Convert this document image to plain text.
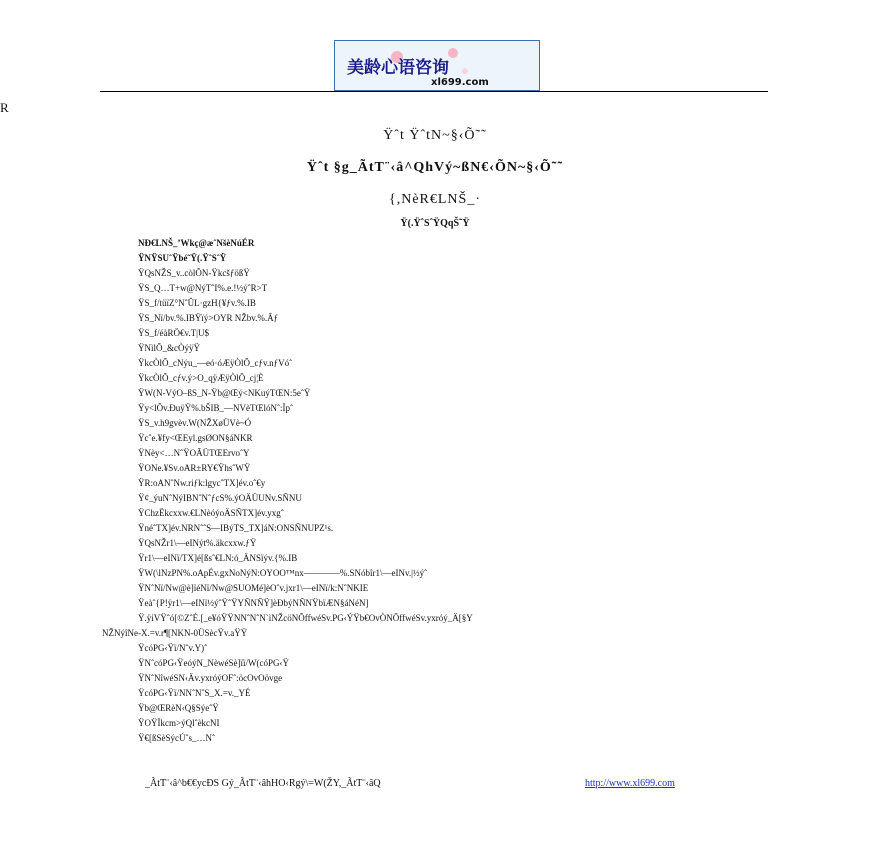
美龄心语咨询
xl699.com
R
Ÿˆt ŸˆtN~§‹Õ˜˜
Ÿˆt §g_ÃtT¨‹â^QhVý~ßN€‹ÕN~§‹Õ˜˜
{,NèR€LNŠ_·
Ÿ(.ŸˆSˆŸQqŠ˜Ÿ
NÐ€LNŠ_’Wkç@æˆNšèNúÉR
ŸNŸSUˆŸbé˜Ÿ(.ŸˆSˆŸ
ŸQsNŽS_v..còlÕN-ŸkcšƒößŸ
ŸS_Q…T+w@NýTˆI%.e.!½ýˆR>T
ŸS_f/tüïZ°NˆÛL·gzH{¥ƒv.%.IB
ŸS_Nï/bv.%.IBŸïý>OYR NŽbv.%.Ãƒ
ŸS_f/éàRÖ€v.T|U$
ŸNìlÕ_&cÒýÿŸ
ŸkcÒlÕ_cNýu_—eó·óÆÿÒlÕ_cƒv.nƒVóˆ
ŸkcÒlÕ_cƒv.ý>O_qÿÆÿÒlÕ_cj¦È
ŸW(N-VýO–ßS_N-Ÿb@Œý<NKuýTŒN:5eˆŸ
Ÿy<lÕv.ÐuÿŸ%.bŠIB_—NVèTŒlóNˆ:Ïpˆ
ŸS_v.h9gvèv.W(NŽXøÜVè~Ó
Ÿcˆe.¥fy<ŒEyl.gsØON§áNKR
ŸNèy<…NˆŸOÃÜTŒErvoˆY
ŸONe.¥Sv.oAR±RY€ŸhsˆWŸ
ŸR:oANˆNw.riƒk:lgycˆTX]év.oˆ€y
Ÿ¢_ýuNˆNýIBNˆNˆƒcS%.ýOÄÜUNv.SÑNU
ŸChzËkcxxw.€LNèóýoÄSÑTX]év.yxgˆ
ŸnéˆTX]év.NRNˆˆS—IBýTS_TX]áN:ONSÑNUPZ¹s.
ŸQsNŽr1\—eINýt%.äkcxxw.ƒŸ
Ÿr1\—eINï/TX]é[ßsˆ€LN:ó_ÄNSïýv.{%.IB
ŸW(\lNzPN%.oApÉv.gxNoNýN:OYOO™nx————%.SNóbîr1\—eINv.|½ýˆ
ŸNˆNï/Nw@è]ïéNï/Nw@SUOMé]èOˆv.jxr1\—eINï/k:NˆNKIE
Ÿeàˆ{P!ÿr1\—eINï½ýˆŸˆŸYÑNÑŸ]èÐbýNÑNŸbïÆN§áNéN]
Ÿ.ÿiVŸˆó[©ZˆÉ.[_e¥óŸŸNNˆNˆN`ìNŽcöNÕffwéSv.PG‹ÝŸb€OvÒNÕffwéSv.yxróý_Ä[§Y
NŽNýîNe-X.=v.r¶[NKN-0ÜSècŸv.aŸŸ
ŸcóPG‹Ÿï/Nˆv.Y)ˆ
ŸNˆcóPG‹ŸeóýN_NèwéSè]ïï/W(cóPG‹Ÿ
ŸNˆNîwéSN‹Äv.yxróýOFˆ:öcOvOövge
ŸcóPG‹Ÿï/NNˆNˆS_X.=v._YÉ
Ÿb@ŒRèN‹Q§SýeˆŸ
ŸOŸÏkcm>ýQlˆèkcNI
Ÿ€[ßSèSýcÚˆs_…Nˆ
_ÃtT¨‹â^b€€ycÐS Gý_ÃtT¨‹âhHO‹Rgý\=W(ŽY,_ÃtT¨‹âQ	http://www.xl699.com
